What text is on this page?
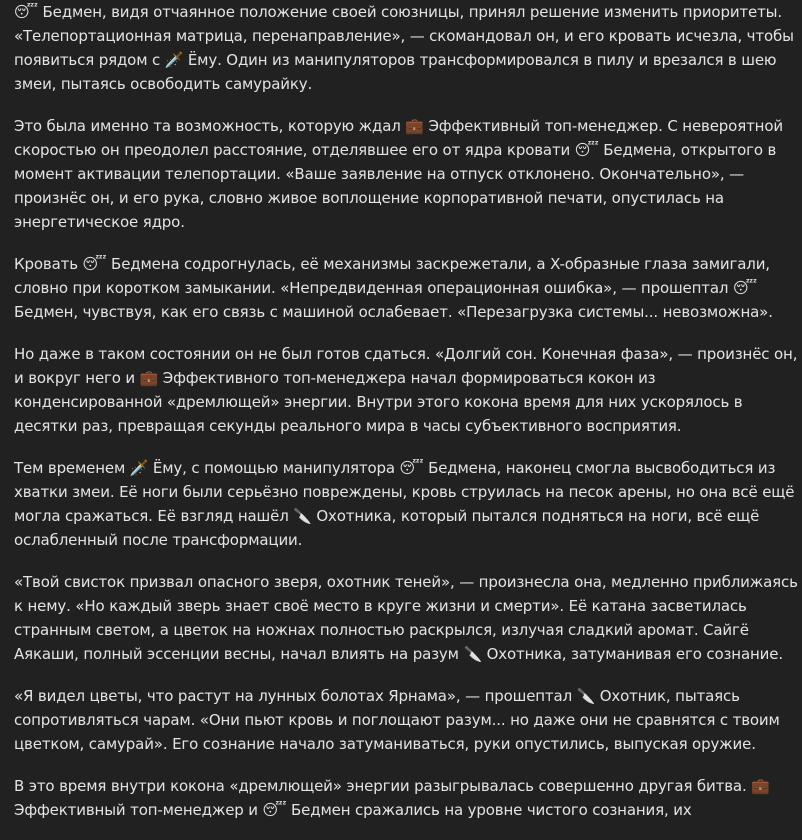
😴 Бедмен, видя отчаянное положение своей союзницы, принял решение изменить приоритеты. «Телепортационная матрица, перенаправление», — скомандовал он, и его кровать исчезла, чтобы появиться рядом с 🗡️ Ёму. Один из манипуляторов трансформировался в пилу и врезался в шею змеи, пытаясь освободить самурайку.

Это была именно та возможность, которую ждал 💼 Эффективный топ-менеджер. С невероятной скоростью он преодолел расстояние, отделявшее его от ядра кровати 😴 Бедмена, открытого в момент активации телепортации. «Ваше заявление на отпуск отклонено. Окончательно», — произнёс он, и его рука, словно живое воплощение корпоративной печати, опустилась на энергетическое ядро.

Кровать 😴 Бедмена содрогнулась, её механизмы заскрежетали, а X-образные глаза замигали, словно при коротком замыкании. «Непредвиденная операционная ошибка», — прошептал 😴 Бедмен, чувствуя, как его связь с машиной ослабевает. «Перезагрузка системы... невозможна».

Но даже в таком состоянии он не был готов сдаться. «Долгий сон. Конечная фаза», — произнёс он, и вокруг него и 💼 Эффективного топ-менеджера начал формироваться кокон из конденсированной «дремлющей» энергии. Внутри этого кокона время для них ускорялось в десятки раз, превращая секунды реального мира в часы субъективного восприятия.

Тем временем 🗡️ Ёму, с помощью манипулятора 😴 Бедмена, наконец смогла высвободиться из хватки змеи. Её ноги были серьёзно повреждены, кровь струилась на песок арены, но она всё ещё могла сражаться. Её взгляд нашёл 🔪 Охотника, который пытался подняться на ноги, всё ещё ослабленный после трансформации.

«Твой свисток призвал опасного зверя, охотник теней», — произнесла она, медленно приближаясь к нему. «Но каждый зверь знает своё место в круге жизни и смерти». Её катана засветилась странным светом, а цветок на ножнах полностью раскрылся, излучая сладкий аромат. Сайгё Аякаши, полный эссенции весны, начал влиять на разум 🔪 Охотника, затуманивая его сознание.

«Я видел цветы, что растут на лунных болотах Ярнама», — прошептал 🔪 Охотник, пытаясь сопротивляться чарам. «Они пьют кровь и поглощают разум... но даже они не сравнятся с твоим цветком, самурай». Его сознание начало затуманиваться, руки опустились, выпуская оружие.

В это время внутри кокона «дремлющей» энергии разыгрывалась совершенно другая битва. 💼 Эффективный топ-менеджер и 😴 Бедмен сражались на уровне чистого сознания, их
